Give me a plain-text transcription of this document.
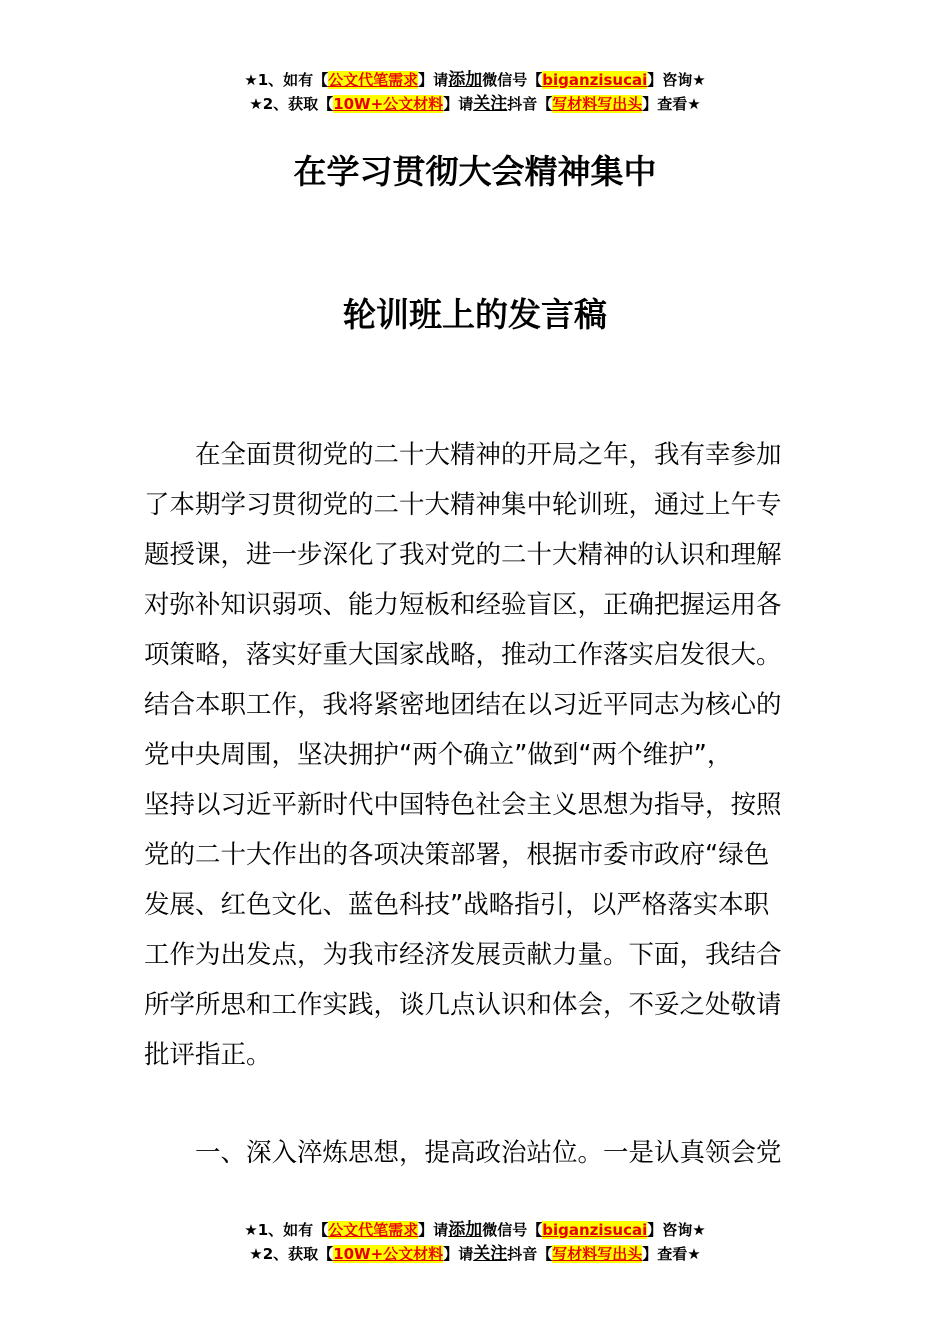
★1、如有【公文代笔需求】请添加微信号【biganzisucai】咨询★
★2、获取【10W+公文材料】请关注抖音【写材料写出头】查看★
在学习贯彻大会精神集中
轮训班上的发言稿
　　在全面贯彻党的二十大精神的开局之年，我有幸参加
了本期学习贯彻党的二十大精神集中轮训班，通过上午专
题授课，进一步深化了我对党的二十大精神的认识和理解
对弥补知识弱项、能力短板和经验盲区，正确把握运用各
项策略，落实好重大国家战略，推动工作落实启发很大。
结合本职工作，我将紧密地团结在以习近平同志为核心的
党中央周围，坚决拥护“两个确立”做到“两个维护”，
坚持以习近平新时代中国特色社会主义思想为指导，按照
党的二十大作出的各项决策部署，根据市委市政府“绿色
发展、红色文化、蓝色科技”战略指引，以严格落实本职
工作为出发点，为我市经济发展贡献力量。下面，我结合
所学所思和工作实践，谈几点认识和体会，不妥之处敬请
批评指正。
　　一、深入淬炼思想，提高政治站位。一是认真领会党
★1、如有【公文代笔需求】请添加微信号【biganzisucai】咨询★
★2、获取【10W+公文材料】请关注抖音【写材料写出头】查看★
